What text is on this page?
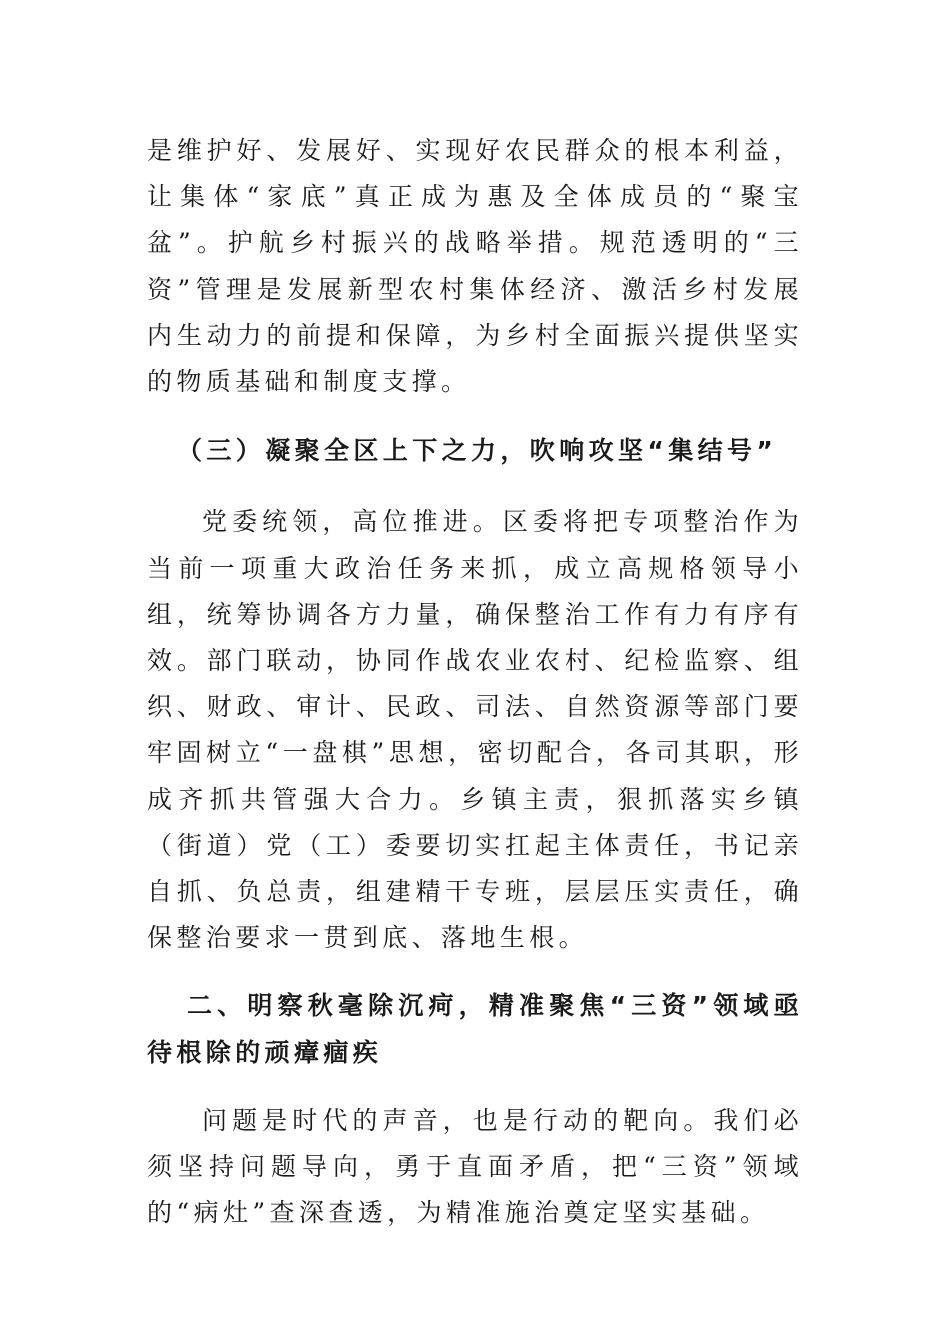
是维护好、发展好、实现好农民群众的根本利益，让集体“家底”真正成为惠及全体成员的“聚宝盆”。护航乡村振兴的战略举措。规范透明的“三资”管理是发展新型农村集体经济、激活乡村发展内生动力的前提和保障，为乡村全面振兴提供坚实的物质基础和制度支撑。

（三）凝聚全区上下之力，吹响攻坚“集结号”

党委统领，高位推进。区委将把专项整治作为当前一项重大政治任务来抓，成立高规格领导小组，统筹协调各方力量，确保整治工作有力有序有效。部门联动，协同作战农业农村、纪检监察、组织、财政、审计、民政、司法、自然资源等部门要牢固树立“一盘棋”思想，密切配合，各司其职，形成齐抓共管强大合力。乡镇主责，狠抓落实乡镇（街道）党（工）委要切实扛起主体责任，书记亲自抓、负总责，组建精干专班，层层压实责任，确保整治要求一贯到底、落地生根。

二、明察秋毫除沉疴，精准聚焦“三资”领域亟待根除的顽瘴痼疾

问题是时代的声音，也是行动的靶向。我们必须坚持问题导向，勇于直面矛盾，把“三资”领域的“病灶”查深查透，为精准施治奠定坚实基础。
